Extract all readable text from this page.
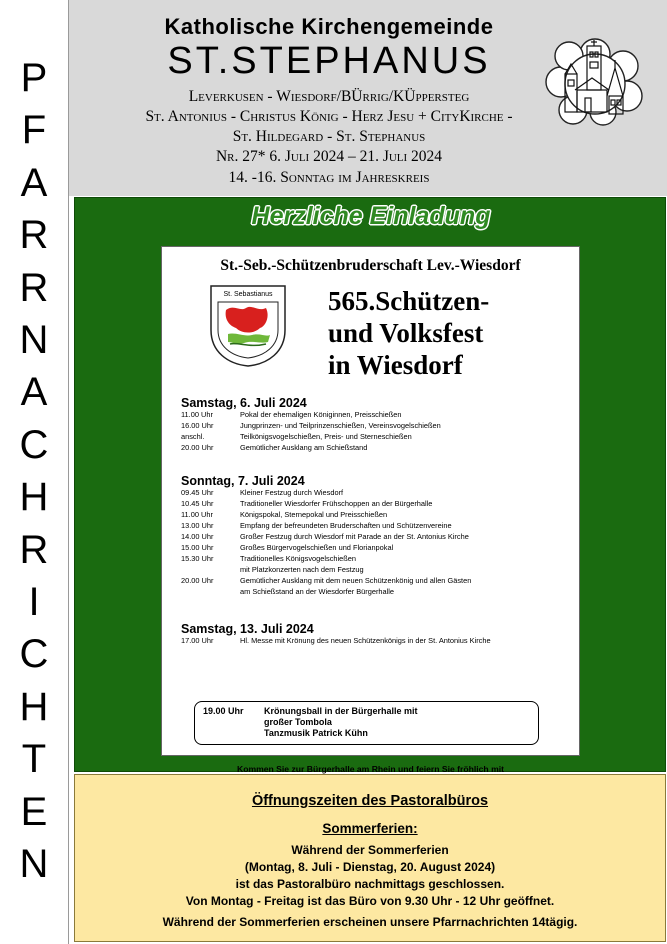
P
F
A
R
R
N
A
C
H
R
I
C
H
T
E
N
Katholische Kirchengemeinde
ST.STEPHANUS
Leverkusen - Wiesdorf/BÜrrig/KÜppersteg
St. Antonius - Christus König - Herz Jesu + CityKirche -
St. Hildegard - St. Stephanus
Nr. 27* 6. Juli 2024 – 21. Juli 2024
14. -16. Sonntag im Jahreskreis
Herzliche Einladung
St.-Seb.-Schützenbruderschaft Lev.-Wiesdorf
St. Sebastianus 565.Schützen-
und Volksfest
in Wiesdorf
Samstag, 6. Juli 2024
11.00 Uhr	Pokal der ehemaligen Königinnen, Preisschießen
16.00 Uhr	Jungprinzen- und Teilprinzenschießen, Vereinsvogelschießen
anschl.	Teilkönigsvogelschießen, Preis- und Sterneschießen
20.00 Uhr	Gemütlicher Ausklang am Schießstand
Sonntag, 7. Juli 2024
09.45 Uhr	Kleiner Festzug durch Wiesdorf
10.45 Uhr	Traditioneller Wiesdorfer Frühschoppen an der Bürgerhalle
11.00 Uhr	Königspokal, Sternepokal und Preisschießen
13.00 Uhr	Empfang der befreundeten Bruderschaften und Schützenvereine
14.00 Uhr	Großer Festzug durch Wiesdorf mit Parade an der St. Antonius Kirche
15.00 Uhr	Großes Bürgervogelschießen und Florianpokal
15.30 Uhr	Traditionelles Königsvogelschießen
mit Platzkonzerten nach dem Festzug
20.00 Uhr	Gemütlicher Ausklang mit dem neuen Schützenkönig und allen Gästen
am Schießstand an der Wiesdorfer Bürgerhalle
Samstag, 13. Juli 2024
17.00 Uhr	Hl. Messe mit Krönung des neuen Schützenkönigs in der St. Antonius Kirche
19.00 Uhr Krönungsball in der Bürgerhalle mit
großer Tombola
Tanzmusik Patrick Kühn
Kommen Sie zur Bürgerhalle am Rhein und feiern Sie fröhlich mit
Öffnungszeiten des Pastoralbüros
Sommerferien:
Während der Sommerferien
(Montag, 8. Juli - Dienstag, 20. August 2024)
ist das Pastoralbüro nachmittags geschlossen.
Von Montag - Freitag ist das Büro von 9.30 Uhr - 12 Uhr geöffnet.
Während der Sommerferien erscheinen unsere Pfarrnachrichten 14tägig.
